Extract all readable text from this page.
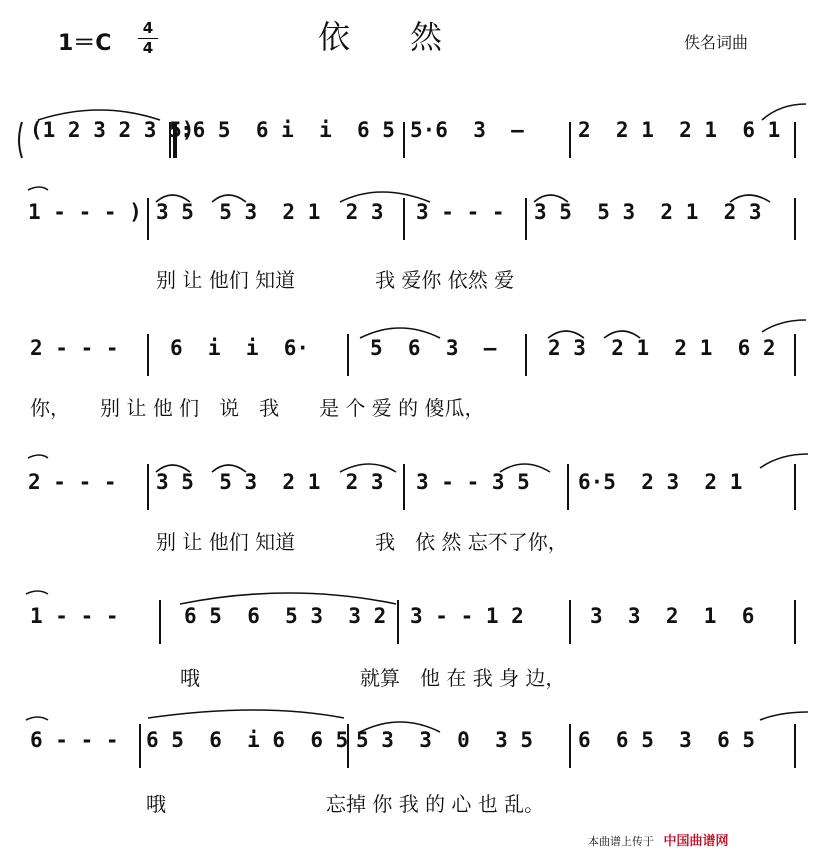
1＝C
4
4	依然	佚名词曲
(1 2 3 2 3 5)
:6 5  6 i  i  6 5 5·6  3  —	2  2 1  2 1  6 1
1 - - - ) 3 5  5 3  2 1  2 3 3 - - - 3 5  5 3  2 1  2 3
别 让 他们 知道　　　　我 爱你 依然 爱
2 - - - 6  i  i  6·	5  6  3  — 2 3  2 1  2 1  6 2
你，　　别 让 他 们　说　我　　是 个 爱 的 傻瓜，
2 - - - 3 5  5 3  2 1  2 3 3 - - 3 5 6·5  2 3  2 1
别 让 他们 知道　　　　我　依 然 忘不了你，
1 - - -	6 5  6  5 3  3 2 3 - - 1 2	3  3  2  1  6
哦　　　　　　　　就算　他 在 我 身 边，
6 - - - 6 5  6  i 6  6 5 5 3  3  0  3 5 6  6 5  3  6 5
哦　　　　　　　　忘掉 你 我 的 心 也 乱。
本曲谱上传于 中国曲谱网
